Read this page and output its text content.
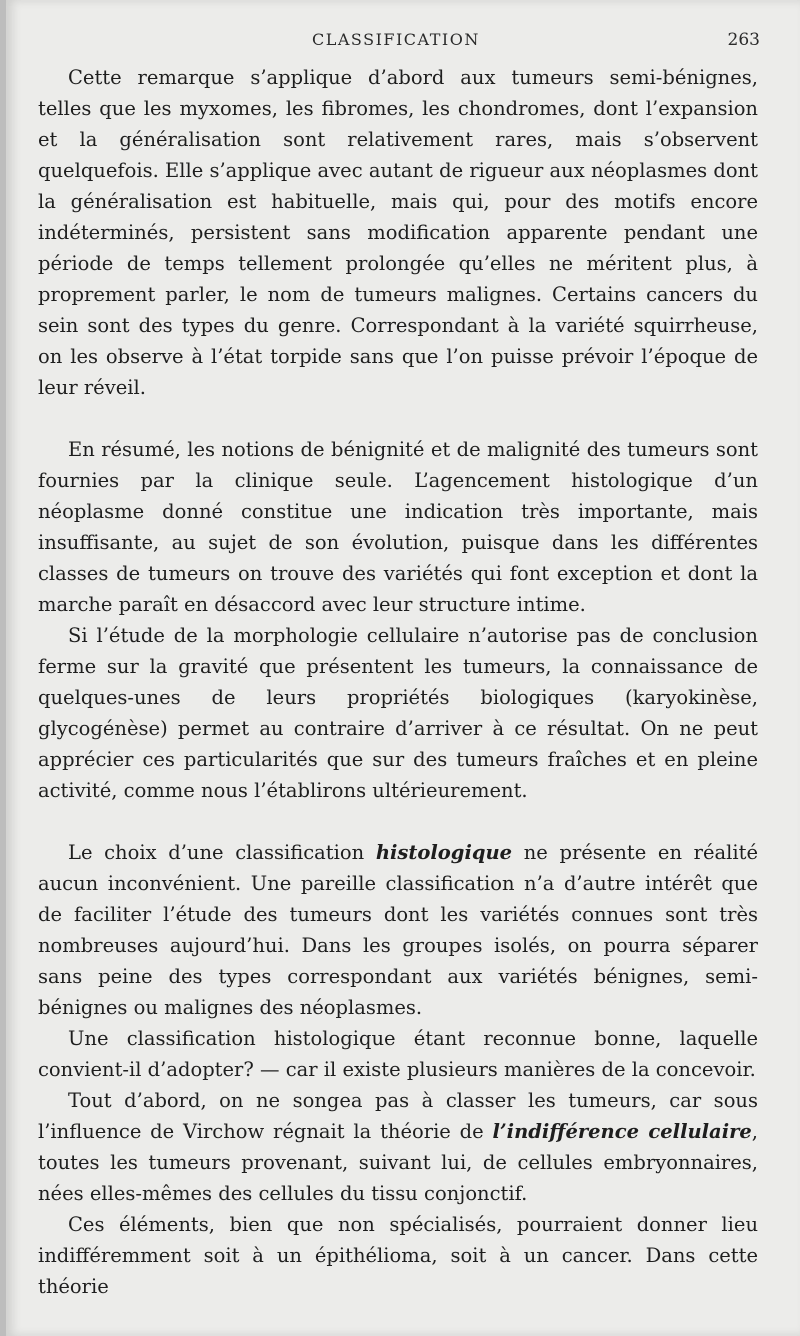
CLASSIFICATION	263

Cette remarque s’applique d’abord aux tumeurs semi-bénignes, telles que les myxomes, les fibromes, les chondromes, dont l’expansion et la généralisation sont relativement rares, mais s’observent quelquefois. Elle s’applique avec autant de rigueur aux néoplasmes dont la généralisation est habituelle, mais qui, pour des motifs encore indéterminés, persistent sans modification apparente pendant une période de temps tellement prolongée qu’elles ne méritent plus, à proprement parler, le nom de tumeurs malignes. Certains cancers du sein sont des types du genre. Correspondant à la variété squirrheuse, on les observe à l’état torpide sans que l’on puisse prévoir l’époque de leur réveil.

En résumé, les notions de bénignité et de malignité des tumeurs sont fournies par la clinique seule. L’agencement histologique d’un néoplasme donné constitue une indication très importante, mais insuffisante, au sujet de son évolution, puisque dans les différentes classes de tumeurs on trouve des variétés qui font exception et dont la marche paraît en désaccord avec leur structure intime.

Si l’étude de la morphologie cellulaire n’autorise pas de conclusion ferme sur la gravité que présentent les tumeurs, la connaissance de quelques-unes de leurs propriétés biologiques (karyokinèse, glycogénèse) permet au contraire d’arriver à ce résultat. On ne peut apprécier ces particularités que sur des tumeurs fraîches et en pleine activité, comme nous l’établirons ultérieurement.

Le choix d’une classification histologique ne présente en réalité aucun inconvénient. Une pareille classification n’a d’autre intérêt que de faciliter l’étude des tumeurs dont les variétés connues sont très nombreuses aujourd’hui. Dans les groupes isolés, on pourra séparer sans peine des types correspondant aux variétés bénignes, semi-bénignes ou malignes des néoplasmes.

Une classification histologique étant reconnue bonne, laquelle convient-il d’adopter? — car il existe plusieurs manières de la concevoir.

Tout d’abord, on ne songea pas à classer les tumeurs, car sous l’influence de Virchow régnait la théorie de l’indifférence cellulaire, toutes les tumeurs provenant, suivant lui, de cellules embryonnaires, nées elles-mêmes des cellules du tissu conjonctif.

Ces éléments, bien que non spécialisés, pourraient donner lieu indifféremment soit à un épithélioma, soit à un cancer. Dans cette théorie
